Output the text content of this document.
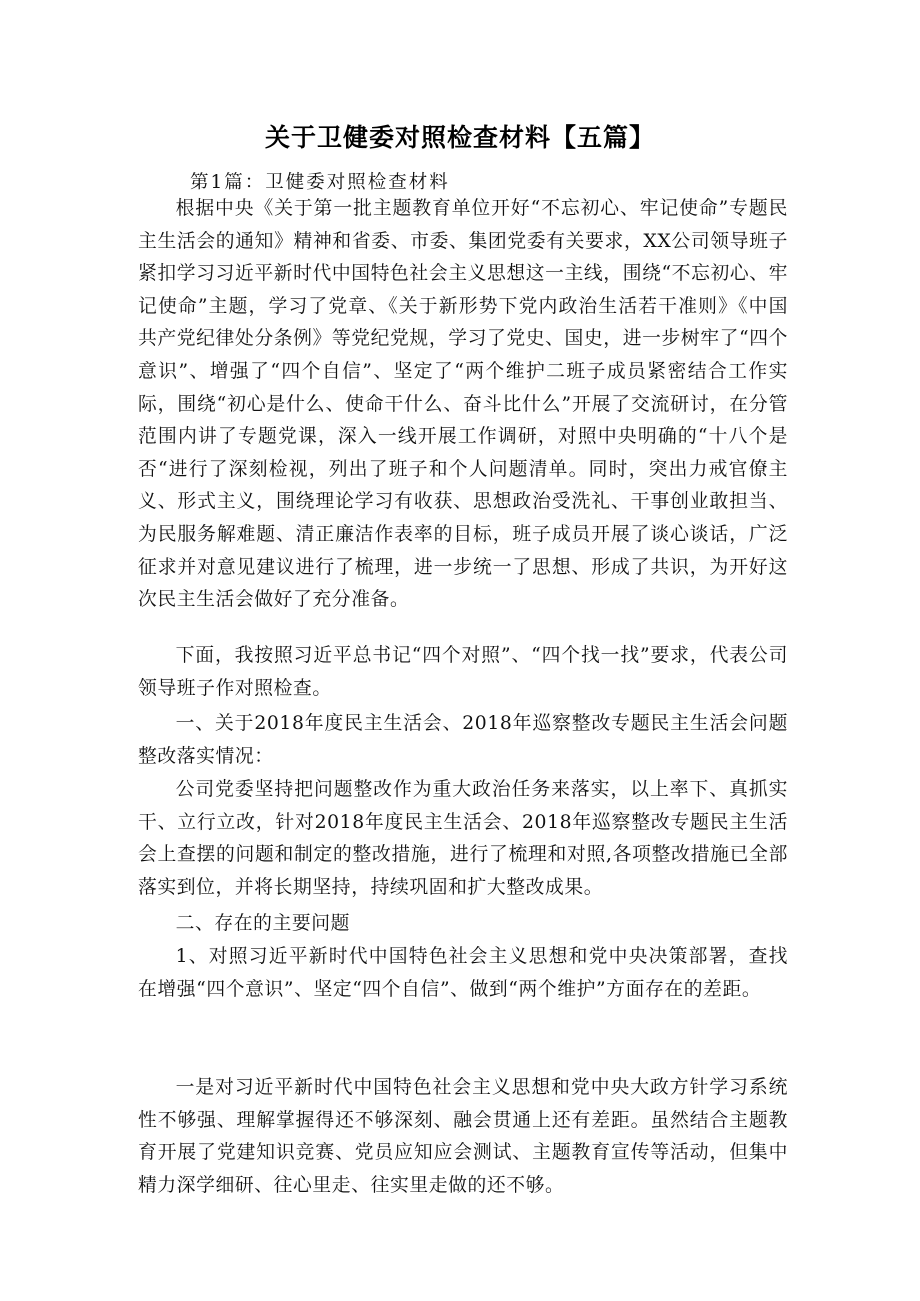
关于卫健委对照检查材料【五篇】
第1篇：卫健委对照检查材料

根据中央《关于第一批主题教育单位开好“不忘初心、牢记使命”专题民主生活会的通知》精神和省委、市委、集团党委有关要求，XX公司领导班子紧扣学习习近平新时代中国特色社会主义思想这一主线，围绕“不忘初心、牢记使命”主题，学习了党章、《关于新形势下党内政治生活若干准则》《中国共产党纪律处分条例》等党纪党规，学习了党史、国史，进一步树牢了“四个意识”、增强了“四个自信”、坚定了“两个维护二班子成员紧密结合工作实际，围绕“初心是什么、使命干什么、奋斗比什么”开展了交流研讨，在分管范围内讲了专题党课，深入一线开展工作调研，对照中央明确的“十八个是否“进行了深刻检视，列出了班子和个人问题清单。同时，突出力戒官僚主义、形式主义，围绕理论学习有收获、思想政治受洗礼、干事创业敢担当、为民服务解难题、清正廉洁作表率的目标，班子成员开展了谈心谈话，广泛征求并对意见建议进行了梳理，进一步统一了思想、形成了共识，为开好这次民主生活会做好了充分准备。

下面，我按照习近平总书记“四个对照”、“四个找一找”要求，代表公司领导班子作对照检查。

一、关于2018年度民主生活会、2018年巡察整改专题民主生活会问题整改落实情况：

公司党委坚持把问题整改作为重大政治任务来落实，以上率下、真抓实干、立行立改，针对2018年度民主生活会、2018年巡察整改专题民主生活会上查摆的问题和制定的整改措施，进行了梳理和对照,各项整改措施已全部落实到位，并将长期坚持，持续巩固和扩大整改成果。

二、存在的主要问题

1、对照习近平新时代中国特色社会主义思想和党中央决策部署，查找在增强“四个意识”、坚定“四个自信”、做到“两个维护”方面存在的差距。

一是对习近平新时代中国特色社会主义思想和党中央大政方针学习系统性不够强、理解掌握得还不够深刻、融会贯通上还有差距。虽然结合主题教育开展了党建知识竞赛、党员应知应会测试、主题教育宣传等活动，但集中精力深学细研、往心里走、往实里走做的还不够。
